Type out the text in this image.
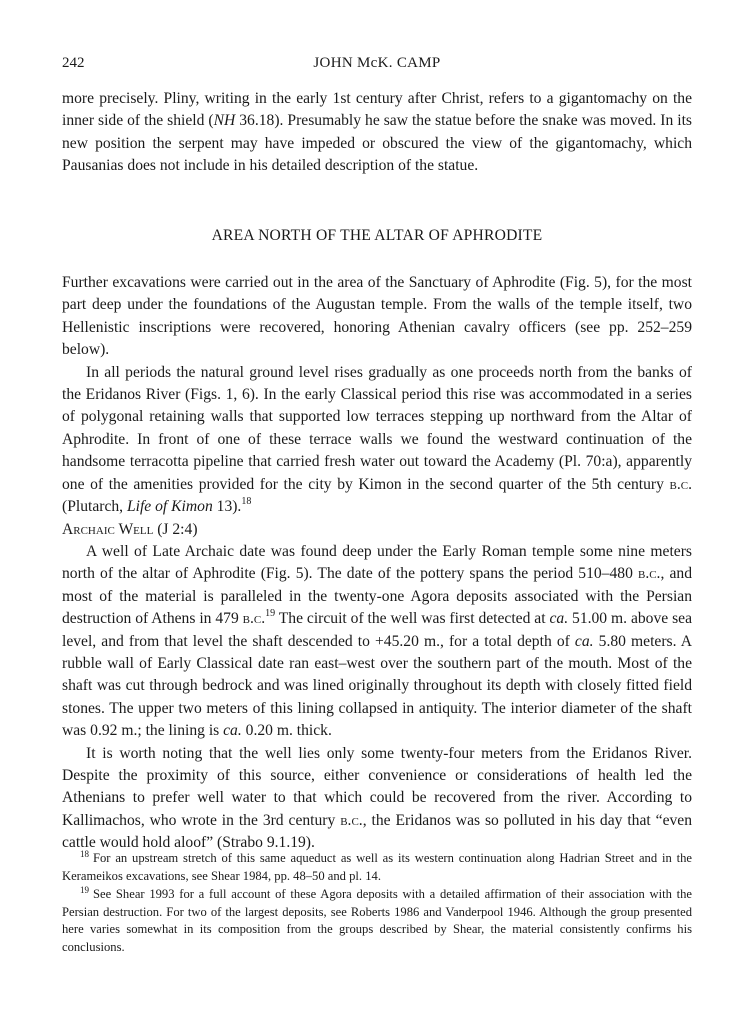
242	JOHN McK. CAMP

more precisely. Pliny, writing in the early 1st century after Christ, refers to a gigantomachy on the inner side of the shield (NH 36.18). Presumably he saw the statue before the snake was moved. In its new position the serpent may have impeded or obscured the view of the gigantomachy, which Pausanias does not include in his detailed description of the statue.

AREA NORTH OF THE ALTAR OF APHRODITE

Further excavations were carried out in the area of the Sanctuary of Aphrodite (Fig. 5), for the most part deep under the foundations of the Augustan temple. From the walls of the temple itself, two Hellenistic inscriptions were recovered, honoring Athenian cavalry officers (see pp. 252–259 below).

In all periods the natural ground level rises gradually as one proceeds north from the banks of the Eridanos River (Figs. 1, 6). In the early Classical period this rise was accommodated in a series of polygonal retaining walls that supported low terraces stepping up northward from the Altar of Aphrodite. In front of one of these terrace walls we found the westward continuation of the handsome terracotta pipeline that carried fresh water out toward the Academy (Pl. 70:a), apparently one of the amenities provided for the city by Kimon in the second quarter of the 5th century b.c. (Plutarch, Life of Kimon 13).$^{18}$

Archaic Well (J 2:4)

A well of Late Archaic date was found deep under the Early Roman temple some nine meters north of the altar of Aphrodite (Fig. 5). The date of the pottery spans the period 510–480 b.c., and most of the material is paralleled in the twenty-one Agora deposits associated with the Persian destruction of Athens in 479 b.c.$^{19}$ The circuit of the well was first detected at ca. 51.00 m. above sea level, and from that level the shaft descended to +45.20 m., for a total depth of ca. 5.80 meters. A rubble wall of Early Classical date ran east–west over the southern part of the mouth. Most of the shaft was cut through bedrock and was lined originally throughout its depth with closely fitted field stones. The upper two meters of this lining collapsed in antiquity. The interior diameter of the shaft was 0.92 m.; the lining is ca. 0.20 m. thick.

It is worth noting that the well lies only some twenty-four meters from the Eridanos River. Despite the proximity of this source, either convenience or considerations of health led the Athenians to prefer well water to that which could be recovered from the river. According to Kallimachos, who wrote in the 3rd century b.c., the Eridanos was so polluted in his day that “even cattle would hold aloof” (Strabo 9.1.19).

$^{18}$ For an upstream stretch of this same aqueduct as well as its western continuation along Hadrian Street and in the Kerameikos excavations, see Shear 1984, pp. 48–50 and pl. 14.

$^{19}$ See Shear 1993 for a full account of these Agora deposits with a detailed affirmation of their association with the Persian destruction. For two of the largest deposits, see Roberts 1986 and Vanderpool 1946. Although the group presented here varies somewhat in its composition from the groups described by Shear, the material consistently confirms his conclusions.
